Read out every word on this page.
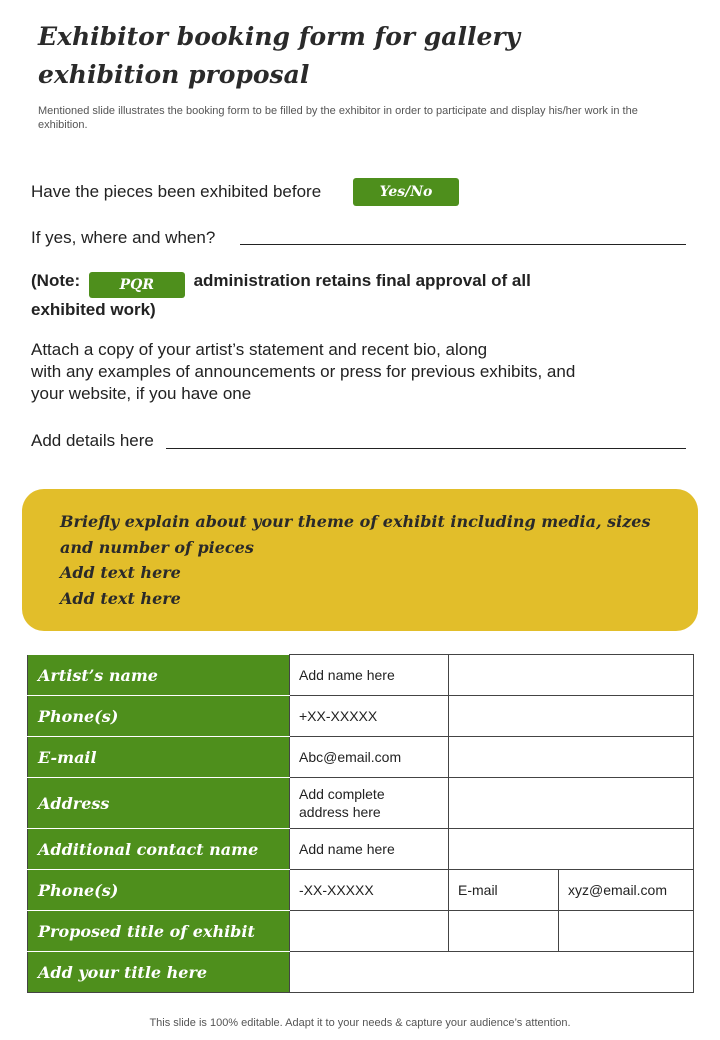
Exhibitor booking form for gallery
exhibition proposal

Mentioned slide illustrates the booking form to be filled by the exhibitor in order to participate and display his/her work in the exhibition.

Have the pieces been exhibited before	Yes/No
If yes, where and when?
(Note:	PQR administration retains final approval of all
exhibited work)
Attach a copy of your artist’s statement and recent bio, along
with any examples of announcements or press for previous exhibits, and
your website, if you have one
Add details here
Briefly explain about your theme of exhibit including media, sizes
and number of pieces
Add text here
Add text here
Artist’s name	Add name here		
Phone(s)	+XX-XXXXX		
E-mail	Abc@email.com		
Address	Add complete
address here		
Additional contact name	Add name here		
Phone(s)	-XX-XXXXX	E-mail	xyz@email.com
Proposed title of exhibit			
Add your title here			
This slide is 100% editable. Adapt it to your needs & capture your audience’s attention.
